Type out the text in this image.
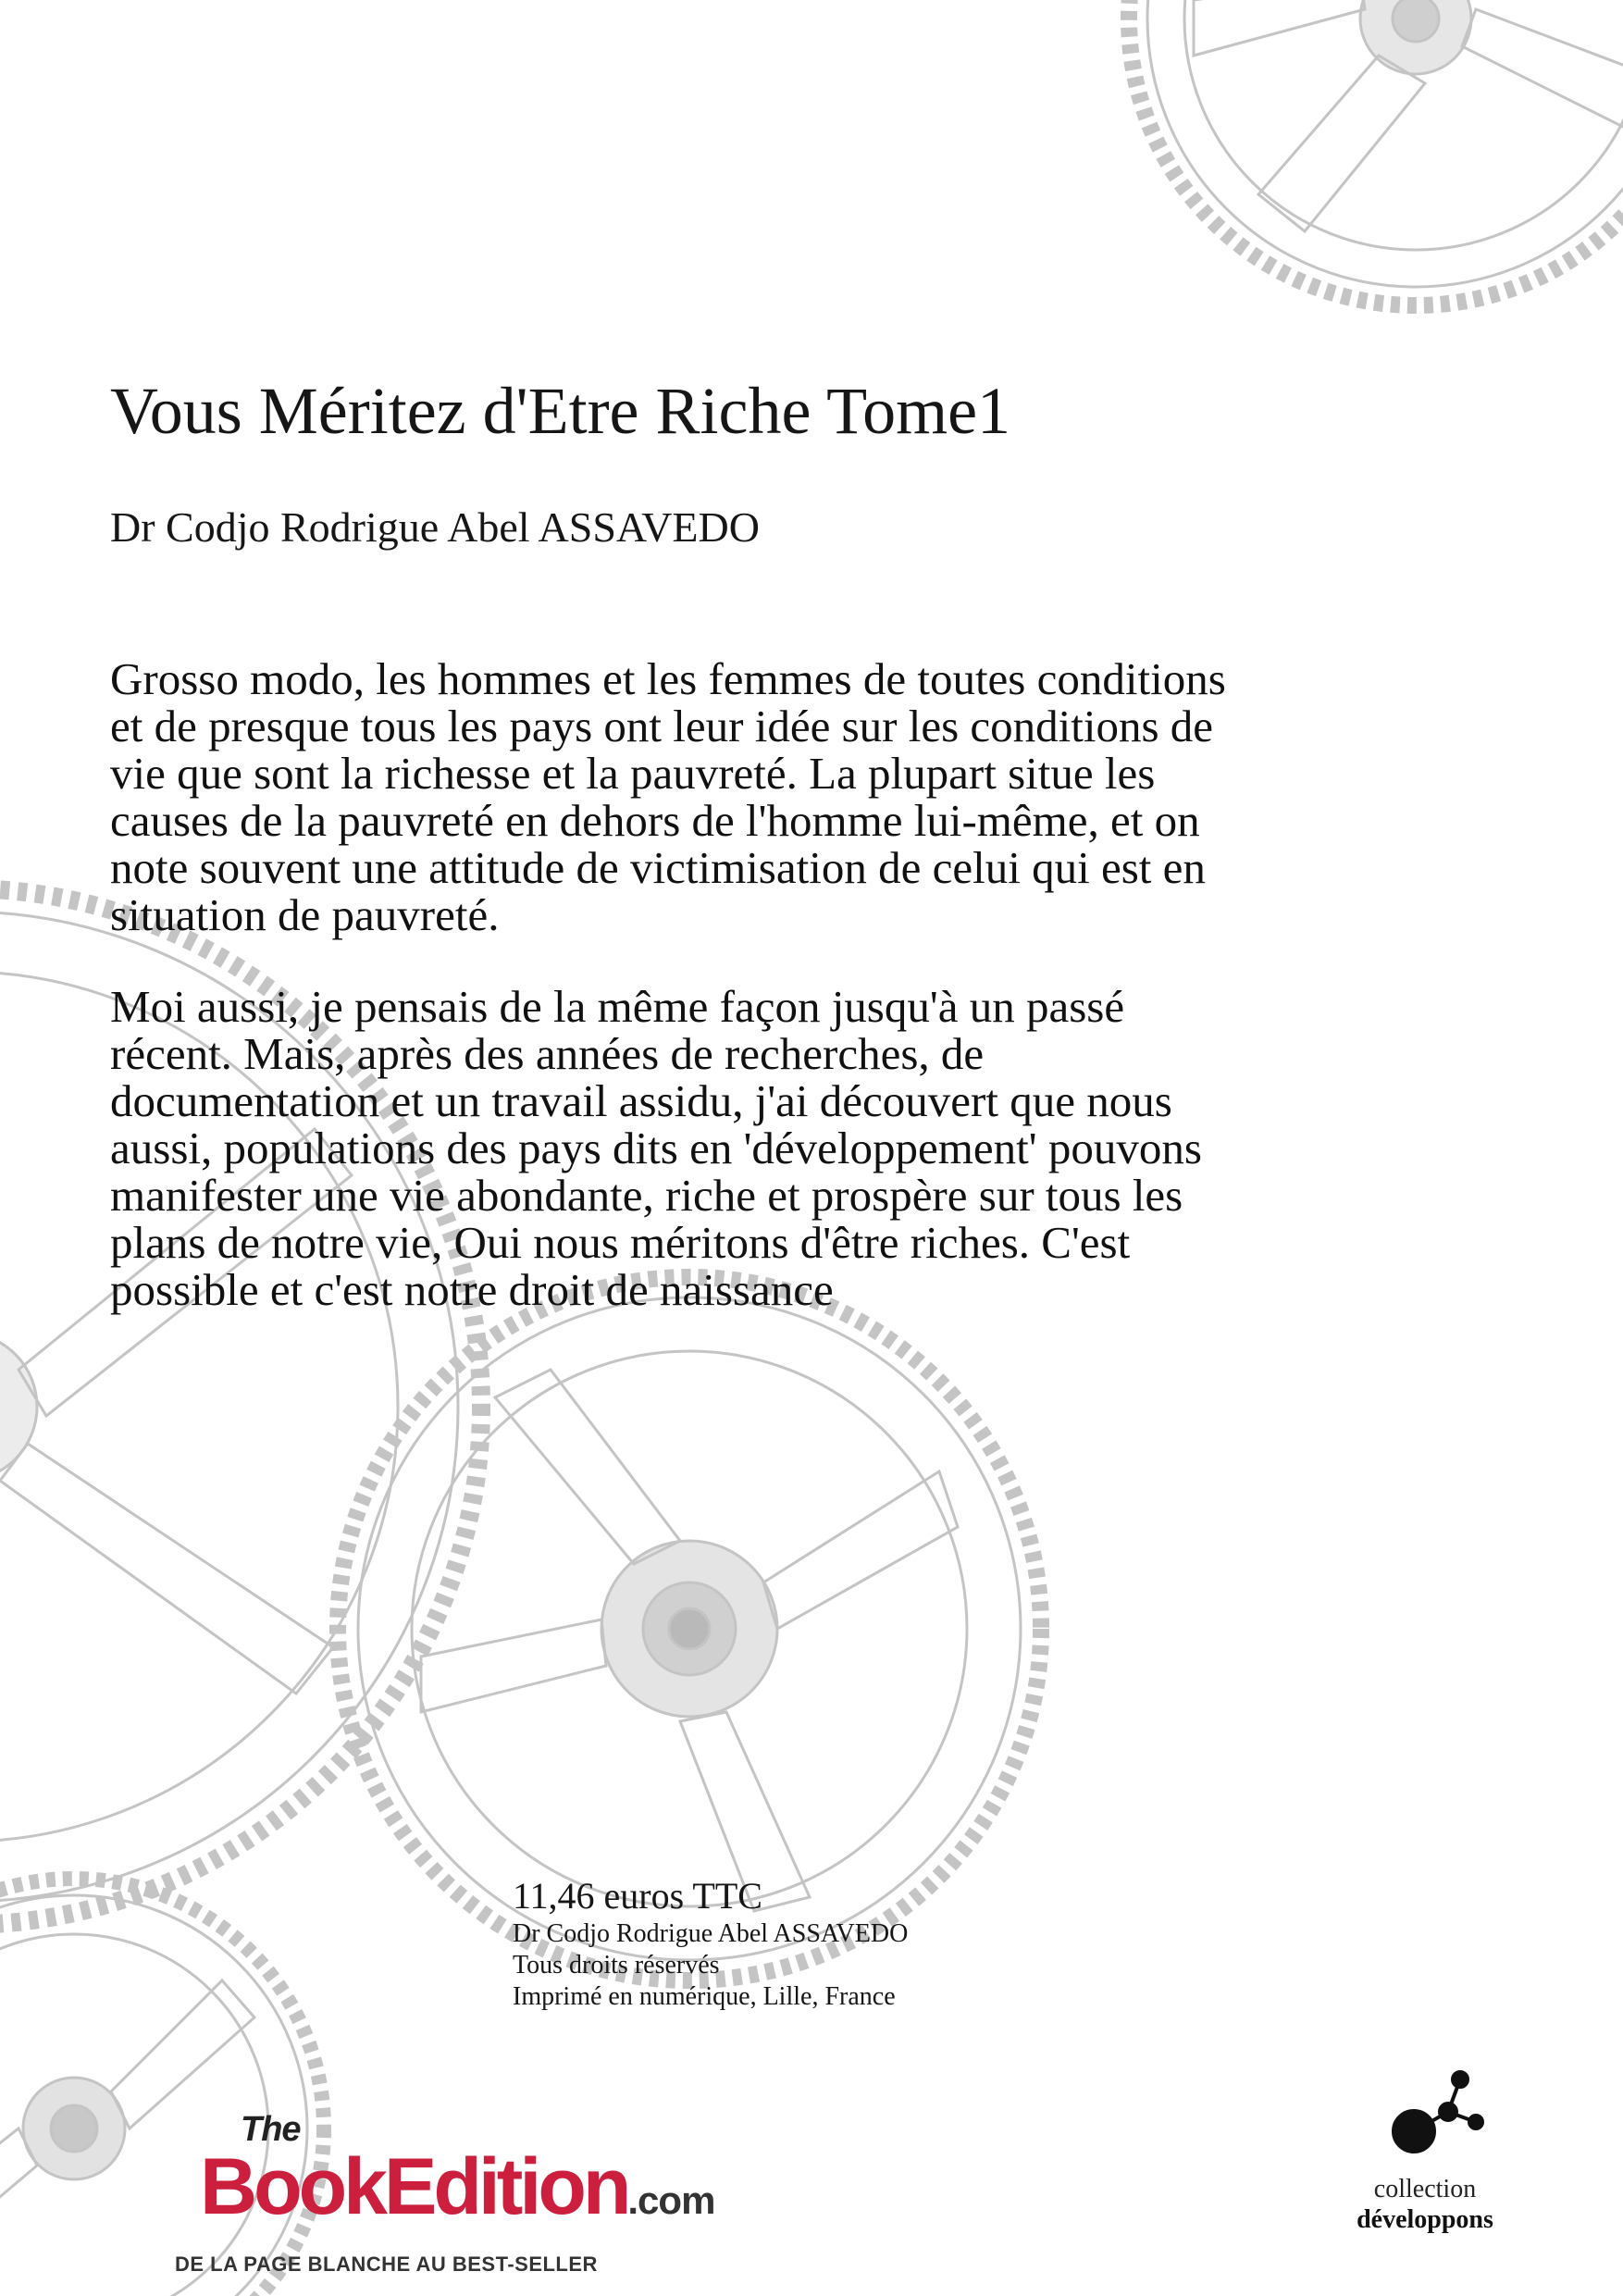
Vous Méritez d'Etre Riche Tome1
Dr Codjo Rodrigue Abel ASSAVEDO

Grosso modo, les hommes et les femmes de toutes conditions et de presque tous les pays ont leur idée sur les conditions de vie que sont la richesse et la pauvreté. La plupart situe les causes de la pauvreté en dehors de l'homme lui-même, et on note souvent une attitude de victimisation de celui qui est en situation de pauvreté.

Moi aussi, je pensais de la même façon jusqu'à un passé récent. Mais, après des années de recherches, de documentation et un travail assidu, j'ai découvert que nous aussi, populations des pays dits en 'développement' pouvons manifester une vie abondante, riche et prospère sur tous les plans de notre vie, Oui nous méritons d'être riches. C'est possible et c'est notre droit de naissance

11,46 euros TTC
Dr Codjo Rodrigue Abel ASSAVEDO
Tous droits réservés
Imprimé en numérique, Lille, France
The
BookEdition.com
DE LA PAGE BLANCHE AU BEST-SELLER
collection
développons
